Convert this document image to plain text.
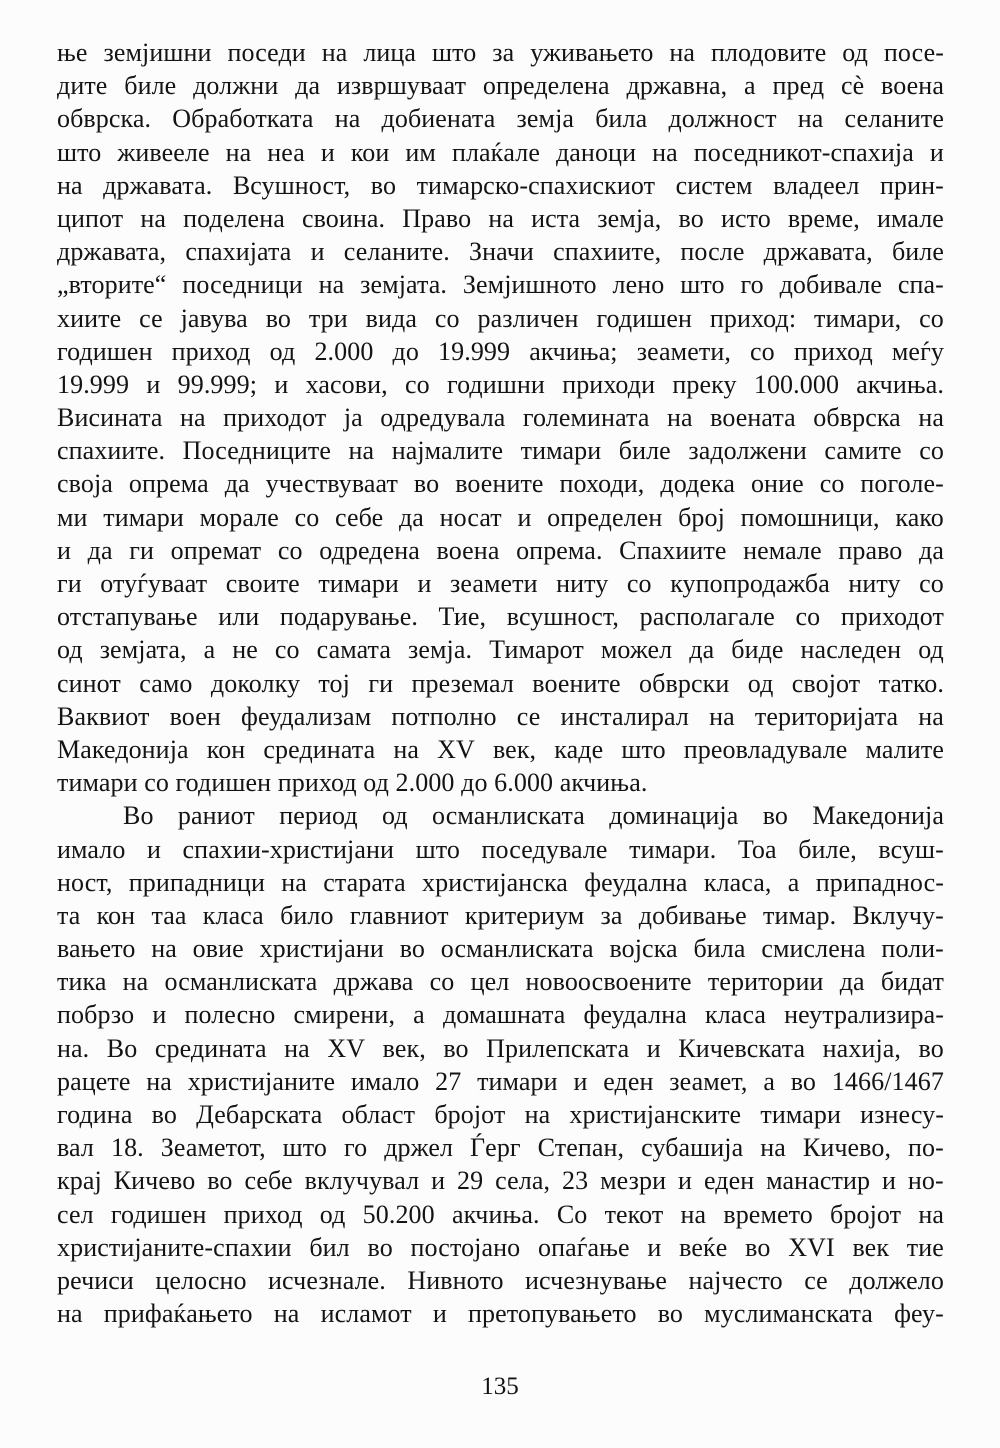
ње земјишни поседи на лица што за уживањето на плодовите од посе-
дите биле должни да извршуваат определена државна, а пред сѐ воена
обврска. Обработката на добиената земја била должност на селаните
што живееле на неа и кои им плаќале даноци на поседникот-спахија и
на државата. Всушност, во тимарско-спахискиот систем владеел прин-
ципот на поделена своина. Право на иста земја, во исто време, имале
државата, спахијата и селаните. Значи спахиите, после државата, биле
„вторите“ поседници на земјата. Земјишното лено што го добивале спа-
хиите се јавува во три вида со различен годишен приход: тимари, со
годишен приход од 2.000 до 19.999 акчиња; зеамети, со приход меѓу
19.999 и 99.999; и хасови, со годишни приходи преку 100.000 акчиња.
Висината на приходот ја одредувала големината на воената обврска на
спахиите. Поседниците на најмалите тимари биле задолжени самите со
своја опрема да учествуваат во воените походи, додека оние со поголе-
ми тимари морале со себе да носат и определен број помошници, како
и да ги опремат со одредена воена опрема. Спахиите немале право да
ги отуѓуваат своите тимари и зеамети ниту со купопродажба ниту со
отстапување или подарување. Тие, всушност, располагале со приходот
од земјата, а не со самата земја. Тимарот можел да биде наследен од
синот само доколку тој ги преземал воените обврски од својот татко.
Ваквиот воен феудализам потполно се инсталирал на територијата на
Македонија кон средината на XV век, каде што преовладувале малите
тимари со годишен приход од 2.000 до 6.000 акчиња.
Во раниот период од османлиската доминација во Македонија
имало и спахии-христијани што поседувале тимари. Тоа биле, всуш-
ност, припадници на старата христијанска феудална класа, а припаднос-
та кон таа класа било главниот критериум за добивање тимар. Вклучу-
вањето на овие христијани во османлиската војска била смислена поли-
тика на османлиската држава со цел новоосвоените територии да бидат
побрзо и полесно смирени, а домашната феудална класа неутрализира-
на. Во средината на XV век, во Прилепската и Кичевската нахија, во
рацете на христијаните имало 27 тимари и еден зеамет, а во 1466/1467
година во Дебарската област бројот на христијанските тимари изнесу-
вал 18. Зеаметот, што го држел Ѓерг Степан, субашија на Кичево, по-
крај Кичево во себе вклучувал и 29 села, 23 мезри и еден манастир и но-
сел годишен приход од 50.200 акчиња. Со текот на времето бројот на
христијаните-спахии бил во постојано опаѓање и веќе во XVI век тие
речиси целосно исчезнале. Нивното исчезнување најчесто се должело
на прифаќањето на исламот и претопувањето во муслиманската феу-
135
